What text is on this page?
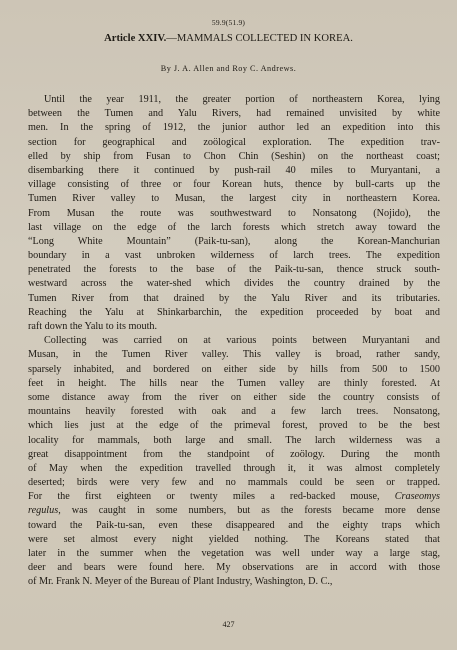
59.9(51.9)
Article XXIV.—MAMMALS COLLECTED IN KOREA.
By J. A. Allen and Roy C. Andrews.
Until the year 1911, the greater portion of northeastern Korea, lying
between the Tumen and Yalu Rivers, had remained unvisited by white
men. In the spring of 1912, the junior author led an expedition into this
section for geographical and zoölogical exploration. The expedition trav-
elled by ship from Fusan to Chon Chin (Seshin) on the northeast coast;
disembarking there it continued by push-rail 40 miles to Muryantani, a
village consisting of three or four Korean huts, thence by bull-carts up the
Tumen River valley to Musan, the largest city in northeastern Korea.
From Musan the route was southwestward to Nonsatong (Nojido), the
last village on the edge of the larch forests which stretch away toward the
“Long White Mountain” (Paik-tu-san), along the Korean-Manchurian
boundary in a vast unbroken wilderness of larch trees. The expedition
penetrated the forests to the base of the Paik-tu-san, thence struck south-
westward across the water-shed which divides the country drained by the
Tumen River from that drained by the Yalu River and its tributaries.
Reaching the Yalu at Shinkarbarchin, the expedition proceeded by boat and
raft down the Yalu to its mouth.
Collecting was carried on at various points between Muryantani and
Musan, in the Tumen River valley. This valley is broad, rather sandy,
sparsely inhabited, and bordered on either side by hills from 500 to 1500
feet in height. The hills near the Tumen valley are thinly forested. At
some distance away from the river on either side the country consists of
mountains heavily forested with oak and a few larch trees. Nonsatong,
which lies just at the edge of the primeval forest, proved to be the best
locality for mammals, both large and small. The larch wilderness was a
great disappointment from the standpoint of zoölogy. During the month
of May when the expedition travelled through it, it was almost completely
deserted; birds were very few and no mammals could be seen or trapped.
For the first eighteen or twenty miles a red-backed mouse, Craseomys
regulus, was caught in some numbers, but as the forests became more dense
toward the Paik-tu-san, even these disappeared and the eighty traps which
were set almost every night yielded nothing. The Koreans stated that
later in the summer when the vegetation was well under way a large stag,
deer and bears were found here. My observations are in accord with those
of Mr. Frank N. Meyer of the Bureau of Plant Industry, Washington, D. C.,
427
